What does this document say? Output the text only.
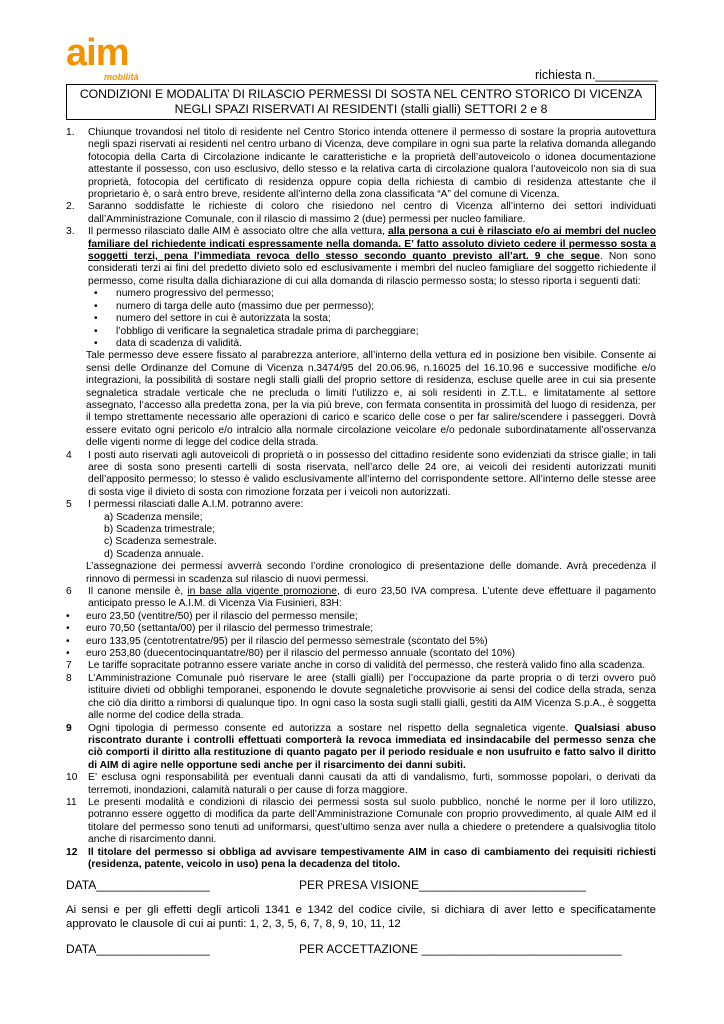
aim
mobilità	richiesta n._________
CONDIZIONI E MODALITA’ DI RILASCIO PERMESSI DI SOSTA NEL CENTRO STORICO DI VICENZA
NEGLI SPAZI RISERVATI AI RESIDENTI (stalli gialli) SETTORI 2 e 8
1.	Chiunque trovandosi nel titolo di residente nel Centro Storico intenda ottenere il permesso di sostare la propria autovettura negli spazi riservati ai residenti nel centro urbano di Vicenza, deve compilare in ogni sua parte la relativa domanda allegando fotocopia della Carta di Circolazione indicante le caratteristiche e la proprietà dell’autoveicolo o idonea documentazione attestante il possesso, con uso esclusivo, dello stesso e la relativa carta di circolazione qualora l’autoveicolo non sia di sua proprietà, fotocopia del certificato di residenza oppure copia della richiesta di cambio di residenza attestante che il proprietario è, o sarà entro breve, residente all’interno della zona classificata “A” del comune di Vicenza.
2.	Saranno soddisfatte le richieste di coloro che risiedono nel centro di Vicenza all’interno dei settori individuati dall’Amministrazione Comunale, con il rilascio di massimo 2 (due) permessi per nucleo familiare.
3.	Il permesso rilasciato dalle AIM è associato oltre che alla vettura, alla persona a cui è rilasciato e/o ai membri del nucleo familiare del richiedente indicati espressamente nella domanda. E’ fatto assoluto divieto cedere il permesso sosta a soggetti terzi, pena l’immediata revoca dello stesso secondo quanto previsto all’art. 9 che segue. Non sono considerati terzi ai fini del predetto divieto solo ed esclusivamente i membri del nucleo famigliare del soggetto richiedente il permesso, come risulta dalla dichiarazione di cui alla domanda di rilascio permesso sosta; lo stesso riporta i seguenti dati:
• numero progressivo del permesso;
• numero di targa delle auto (massimo due per permesso);
• numero del settore in cui è autorizzata la sosta;
• l’obbligo di verificare la segnaletica stradale prima di parcheggiare;
• data di scadenza di validità.
Tale permesso deve essere fissato al parabrezza anteriore, all’interno della vettura ed in posizione ben visibile. Consente ai sensi delle Ordinanze del Comune di Vicenza n.3474/95 del 20.06.96, n.16025 del 16.10.96 e successive modifiche e/o integrazioni, la possibilità di sostare negli stalli gialli del proprio settore di residenza, escluse quelle aree in cui sia presente segnaletica stradale verticale che ne precluda o limiti l’utilizzo e, ai soli residenti in Z.T.L. e limitatamente al settore assegnato, l’accesso alla predetta zona, per la via più breve, con fermata consentita in prossimità del luogo di residenza, per il tempo strettamente necessario alle operazioni di carico e scarico delle cose o per far salire/scendere i passeggeri. Dovrà essere evitato ogni pericolo e/o intralcio alla normale circolazione veicolare e/o pedonale subordinatamente all’osservanza delle vigenti norme di legge del codice della strada.
4	I posti auto riservati agli autoveicoli di proprietà o in possesso del cittadino residente sono evidenziati da strisce gialle; in tali aree di sosta sono presenti cartelli di sosta riservata, nell’arco delle 24 ore, ai veicoli dei residenti autorizzati muniti dell’apposito permesso; lo stesso è valido esclusivamente all’interno del corrispondente settore. All’interno delle stesse aree di sosta vige il divieto di sosta con rimozione forzata per i veicoli non autorizzati.
5	I permessi rilasciati dalle A.I.M. potranno avere:
a) Scadenza mensile;
b) Scadenza trimestrale;
c) Scadenza semestrale.
d) Scadenza annuale.
L’assegnazione dei permessi avverrà secondo l’ordine cronologico di presentazione delle domande. Avrà precedenza il rinnovo di permessi in scadenza sul rilascio di nuovi permessi.
6	Il canone mensile è, in base alla vigente promozione, di euro 23,50 IVA compresa. L’utente deve effettuare il pagamento anticipato presso le A.I.M. di Vicenza Via Fusinieri, 83H:
• euro 23,50 (ventitre/50) per il rilascio del permesso mensile;
• euro 70,50 (settanta/00) per il rilascio del permesso trimestrale;
• euro 133,95 (centotrentatre/95) per il rilascio del permesso semestrale (scontato del 5%)
• euro 253,80 (duecentocinquantatre/80) per il rilascio del permesso annuale (scontato del 10%)
7	Le tariffe sopracitate potranno essere variate anche in corso di validità del permesso, che resterà valido fino alla scadenza.
8	L’Amministrazione Comunale può riservare le aree (stalli gialli) per l’occupazione da parte propria o di terzi ovvero può istituire divieti od obblighi temporanei, esponendo le dovute segnaletiche provvisorie ai sensi del codice della strada, senza che ciò dia diritto a rimborsi di qualunque tipo. In ogni caso la sosta sugli stalli gialli, gestiti da AIM Vicenza S.p.A., è soggetta alle norme del codice della strada.
9	Ogni tipologia di permesso consente ed autorizza a sostare nel rispetto della segnaletica vigente. Qualsiasi abuso riscontrato durante i controlli effettuati comporterà la revoca immediata ed insindacabile del permesso senza che ciò comporti il diritto alla restituzione di quanto pagato per il periodo residuale e non usufruito e fatto salvo il diritto di AIM di agire nelle opportune sedi anche per il risarcimento dei danni subiti.
10	E’ esclusa ogni responsabilità per eventuali danni causati da atti di vandalismo, furti, sommosse popolari, o derivati da terremoti, inondazioni, calamità naturali o per cause di forza maggiore.
11	Le presenti modalità e condizioni di rilascio dei permessi sosta sul suolo pubblico, nonché le norme per il loro utilizzo, potranno essere oggetto di modifica da parte dell’Amministrazione Comunale con proprio provvedimento, al quale AIM ed il titolare del permesso sono tenuti ad uniformarsi, quest’ultimo senza aver nulla a chiedere o pretendere a qualsivoglia titolo anche di risarcimento danni.
12	Il titolare del permesso si obbliga ad avvisare tempestivamente AIM in caso di cambiamento dei requisiti richiesti (residenza, patente, veicolo in uso) pena la decadenza del titolo.
DATA_________________	PER PRESA VISIONE_________________________
Ai sensi e per gli effetti degli articoli 1341 e 1342 del codice civile, si dichiara di aver letto e specificatamente approvato le clausole di cui ai punti: 1, 2, 3, 5, 6, 7, 8, 9, 10, 11, 12
DATA_________________	PER ACCETTAZIONE ______________________________
